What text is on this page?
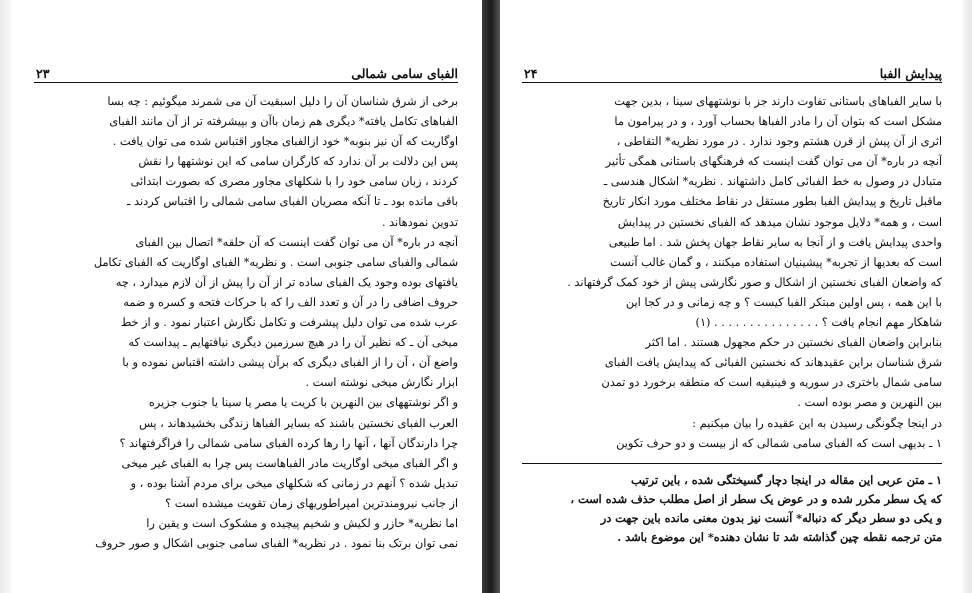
الفبای سامی شمالی
۲۳
برخی از شرق شناسان آن را دلیل اسبقیت آن می شمرند میگوئیم : چه بسا
الفباهای تکامل یافته* دیگری هم زمان باآن و بپیشرفته تر از آن مانند الفبای
اوگاریت که آن نیز بنوبه* خود ازالفبای مجاور اقتباس شده می توان یافت .
پس این دلالت بر آن ندارد که کارگران سامی که این نوشتهها را نقش
کردند ، زبان سامی خود را با شکلهای مجاور مصری که بصورت ابتدائی
باقی مانده بود ـ تا آنکه مصریان الفبای سامی شمالی را اقتباس کردند ـ
تدوین نمودهاند .
آنچه در باره* آن می توان گفت اینست که آن حلقه* اتصال بین الفبای
شمالی والفبای سامی جنوبی است . و نظریه* الفبای اوگاریت که الفبای تکامل
یافتهای بوده وجود یک الفبای ساده تر از آن را پیش از آن لازم میدارد ، چه
حروف اضافی را در آن و تعدد الف را که با حرکات فتحه و کسره و ضمه
عرب شده می توان دلیل پیشرفت و تکامل نگارش اعتبار نمود . و از خط
میخی آن ـ که نظیر آن را در هیچ سرزمین دیگری نیافتهایم ـ پیداست که
واضع آن ، آن را از الفبای دیگری که برآن پیشی داشته اقتباس نموده و با
ابزار نگارش میخی نوشته است .
و اگر نوشتههای بین النهرین با کریت یا مصر یا سینا یا جنوب جزیره
العرب الفبای نخستین باشند که بسایر الفباها زندگی بخشیدهاند ، پس
چرا دارندگان آنها ، آنها را رها کرده الفبای سامی شمالی را فراگرفتهاند ؟
و اگر الفبای میخی اوگاریت مادر الفباهاست پس چرا به الفبای غیر میخی
تبدیل شده ؟ آنهم در زمانی که شکلهای میخی برای مردم آشنا بوده ، و
از جانب نیرومندترین امپراطوریهای زمان تقویت میشده است ؟
اما نظریه* حازر و لکیش و شخیم پیچیده و مشکوک است و یقین را
نمی توان برتک بنا نمود . در نظریه* الفبای سامی جنوبی اشکال و صور حروف
پیدایش الفبا
۲۴
با سایر الفباهای باستانی تفاوت دارند جز با نوشتههای سینا ، بدین جهت
مشکل است که بتوان آن را مادر الفباها بحساب آورد ، و در پیرامون ما
اثری از آن پیش از قرن هشتم وجود ندارد . در مورد نظریه* التقاطی ،
آنچه در باره* آن می توان گفت اینست که فرهنگهای باستانی همگی تأثیر
متبادل در وصول به خط الفبائی کامل داشتهاند . نظریه* اشکال هندسی ـ
ماقبل تاریخ و پیدایش الفبا بطور مستقل در نقاط مختلف مورد انکار تاریخ
است ، و همه* دلایل موجود نشان میدهد که الفبای نخستین در پیدایش
واحدی پیدایش یافت و از آنجا به سایر نقاط جهان پخش شد . اما طبیعی
است که بعدیها از تجربه* پیشینیان استفاده میکنند ، و گمان غالب آنست
که واضعان الفبای نخستین از اشکال و صور نگارشی پیش از خود کمک گرفتهاند .
با این همه ، پس اولین مبتکر الفبا کیست ؟ و چه زمانی و در کجا این
شاهکار مهم انجام یافت ؟ . . . . . . . . . . . . . . . (۱)
بنابراین واضعان الفبای نخستین در حکم مجهول هستند . اما اکثر
شرق شناسان براین عقیدهاند که نخستین الفبائی که پیدایش یافت الفبای
سامی شمال باختری در سوریه و فینیقیه است که منطقه برخورد دو تمدن
بین النهرین و مصر بوده است .
در اینجا چگونگی رسیدن به این عقیده را بیان میکنیم :
۱ ـ بدیهی است که الفبای سامی شمالی که از بیست و دو حرف تکوین
۱ ـ متن عربی این مقاله در اینجا دچار گسیختگی شده ، باین ترتیب
که یک سطر مکرر شده و در عوض یک سطر از اصل مطلب حذف شده است ،
و یکی دو سطر دیگر که دنباله* آنست نیز بدون معنی مانده باین جهت در
متن ترجمه نقطه چین گذاشته شد تا نشان دهنده* این موضوع باشد .
